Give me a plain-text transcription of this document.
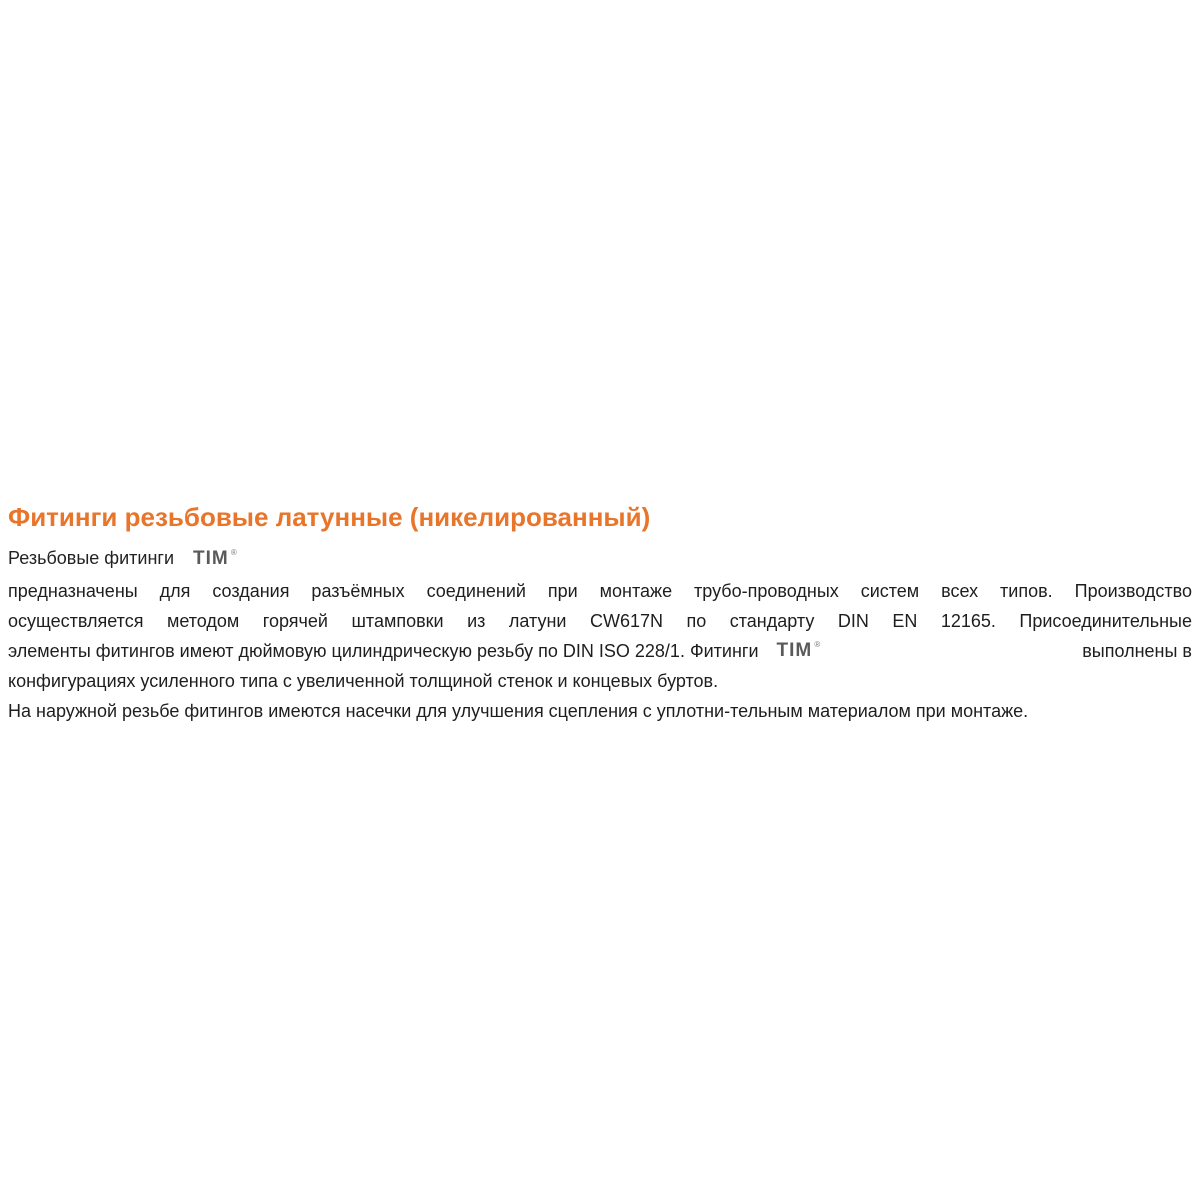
Фитинги резьбовые латунные (никелированный)
Резьбовые фитинги TIM ®
предназначены для создания разъёмных соединений при монтаже трубо-проводных систем всех типов. Производство
осуществляется методом горячей штамповки из латуни CW617N по стандарту DIN EN 12165. Присоединительные
элементы фитингов имеют дюймовую цилиндрическую резьбу по DIN ISO 228/1. Фитинги TIM ®	выполнены в
конфигурациях усиленного типа с увеличенной толщиной стенок и концевых буртов.
На наружной резьбе фитингов имеются насечки для улучшения сцепления с уплотни-тельным материалом при монтаже.
